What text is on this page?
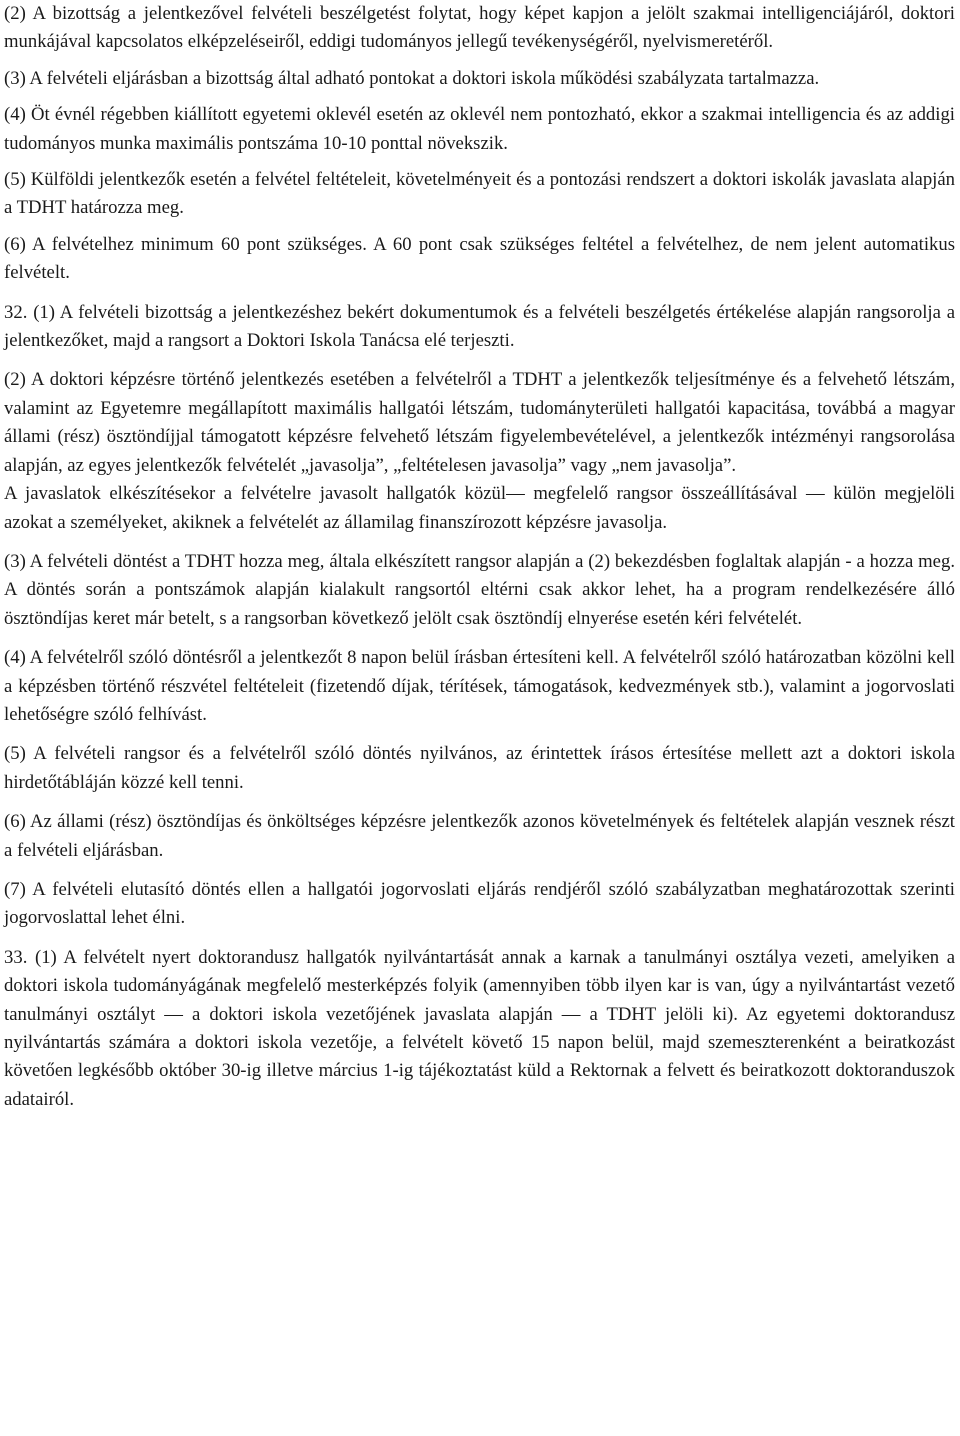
(2) A bizottság a jelentkezővel felvételi beszélgetést folytat, hogy képet kapjon a jelölt szakmai intelligenciájáról, doktori munkájával kapcsolatos elképzeléseiről, eddigi tudományos jellegű tevékenységéről, nyelvismeretéről.

(3) A felvételi eljárásban a bizottság által adható pontokat a doktori iskola működési szabályzata tartalmazza.

(4) Öt évnél régebben kiállított egyetemi oklevél esetén az oklevél nem pontozható, ekkor a szakmai intelligencia és az addigi tudományos munka maximális pontszáma 10-10 ponttal növekszik.

(5) Külföldi jelentkezők esetén a felvétel feltételeit, követelményeit és a pontozási rendszert a doktori iskolák javaslata alapján a TDHT határozza meg.

(6) A felvételhez minimum 60 pont szükséges. A 60 pont csak szükséges feltétel a felvételhez, de nem jelent automatikus felvételt.

32. (1) A felvételi bizottság a jelentkezéshez bekért dokumentumok és a felvételi beszélgetés értékelése alapján rangsorolja a jelentkezőket, majd a rangsort a Doktori Iskola Tanácsa elé terjeszti.

(2) A doktori képzésre történő jelentkezés esetében a felvételről a TDHT a jelentkezők teljesítménye és a felvehető létszám, valamint az Egyetemre megállapított maximális hallgatói létszám, tudományterületi hallgatói kapacitása, továbbá a magyar állami (rész) ösztöndíjjal támogatott képzésre felvehető létszám figyelembevételével, a jelentkezők intézményi rangsorolása alapján, az egyes jelentkezők felvételét „javasolja”, „feltételesen javasolja” vagy „nem javasolja”.

A javaslatok elkészítésekor a felvételre javasolt hallgatók közül— megfelelő rangsor összeállításával — külön megjelöli azokat a személyeket, akiknek a felvételét az államilag finanszírozott képzésre javasolja.

(3) A felvételi döntést a TDHT hozza meg, általa elkészített rangsor alapján a (2) bekezdésben foglaltak alapján - a hozza meg. A döntés során a pontszámok alapján kialakult rangsortól eltérni csak akkor lehet, ha a program rendelkezésére álló ösztöndíjas keret már betelt, s a rangsorban következő jelölt csak ösztöndíj elnyerése esetén kéri felvételét.

(4) A felvételről szóló döntésről a jelentkezőt 8 napon belül írásban értesíteni kell. A felvételről szóló határozatban közölni kell a képzésben történő részvétel feltételeit (fizetendő díjak, térítések, támogatások, kedvezmények stb.), valamint a jogorvoslati lehetőségre szóló felhívást.

(5) A felvételi rangsor és a felvételről szóló döntés nyilvános, az érintettek írásos értesítése mellett azt a doktori iskola hirdetőtábláján közzé kell tenni.

(6) Az állami (rész) ösztöndíjas és önköltséges képzésre jelentkezők azonos követelmények és feltételek alapján vesznek részt a felvételi eljárásban.

(7) A felvételi elutasító döntés ellen a hallgatói jogorvoslati eljárás rendjéről szóló szabályzatban meghatározottak szerinti jogorvoslattal lehet élni.

33. (1) A felvételt nyert doktorandusz hallgatók nyilvántartását annak a karnak a tanulmányi osztálya vezeti, amelyiken a doktori iskola tudományágának megfelelő mesterképzés folyik (amennyiben több ilyen kar is van, úgy a nyilvántartást vezető tanulmányi osztályt — a doktori iskola vezetőjének javaslata alapján — a TDHT jelöli ki). Az egyetemi doktorandusz nyilvántartás számára a doktori iskola vezetője, a felvételt követő 15 napon belül, majd szemeszterenként a beiratkozást követően legkésőbb október 30-ig illetve március 1-ig tájékoztatást küld a Rektornak a felvett és beiratkozott doktoranduszok adatairól.
